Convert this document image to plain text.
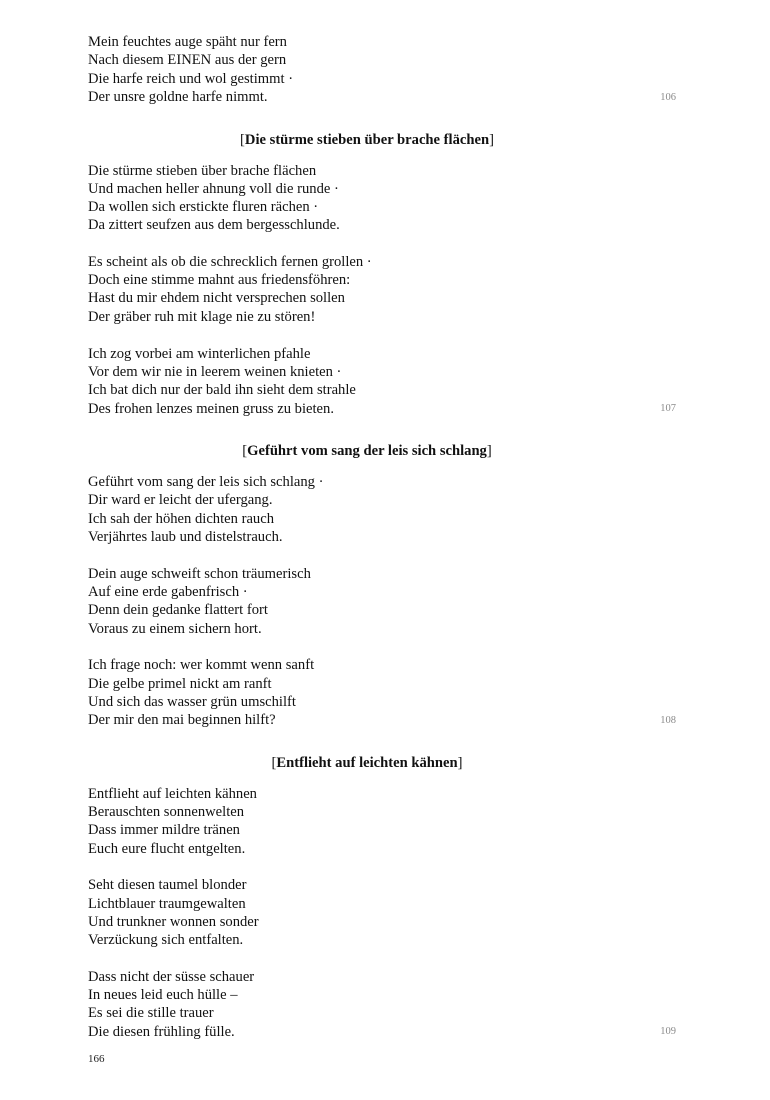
Mein feuchtes auge späht nur fern
Nach diesem EINEN aus der gern
Die harfe reich und wol gestimmt ·
Der unsre goldne harfe nimmt.	106
[Die stürme stieben über brache flächen]
Die stürme stieben über brache flächen
Und machen heller ahnung voll die runde ·
Da wollen sich erstickte fluren rächen ·
Da zittert seufzen aus dem bergesschlunde.
Es scheint als ob die schrecklich fernen grollen ·
Doch eine stimme mahnt aus friedensföhren:
Hast du mir ehdem nicht versprechen sollen
Der gräber ruh mit klage nie zu stören!
Ich zog vorbei am winterlichen pfahle
Vor dem wir nie in leerem weinen knieten ·
Ich bat dich nur der bald ihn sieht dem strahle
Des frohen lenzes meinen gruss zu bieten.	107
[Geführt vom sang der leis sich schlang]
Geführt vom sang der leis sich schlang ·
Dir ward er leicht der ufergang.
Ich sah der höhen dichten rauch
Verjährtes laub und distelstrauch.
Dein auge schweift schon träumerisch
Auf eine erde gabenfrisch ·
Denn dein gedanke flattert fort
Voraus zu einem sichern hort.
Ich frage noch: wer kommt wenn sanft
Die gelbe primel nickt am ranft
Und sich das wasser grün umschilft
Der mir den mai beginnen hilft?	108
[Entflieht auf leichten kähnen]
Entflieht auf leichten kähnen
Berauschten sonnenwelten
Dass immer mildre tränen
Euch eure flucht entgelten.
Seht diesen taumel blonder
Lichtblauer traumgewalten
Und trunkner wonnen sonder
Verzückung sich entfalten.
Dass nicht der süsse schauer
In neues leid euch hülle –
Es sei die stille trauer
Die diesen frühling fülle.	109
166
